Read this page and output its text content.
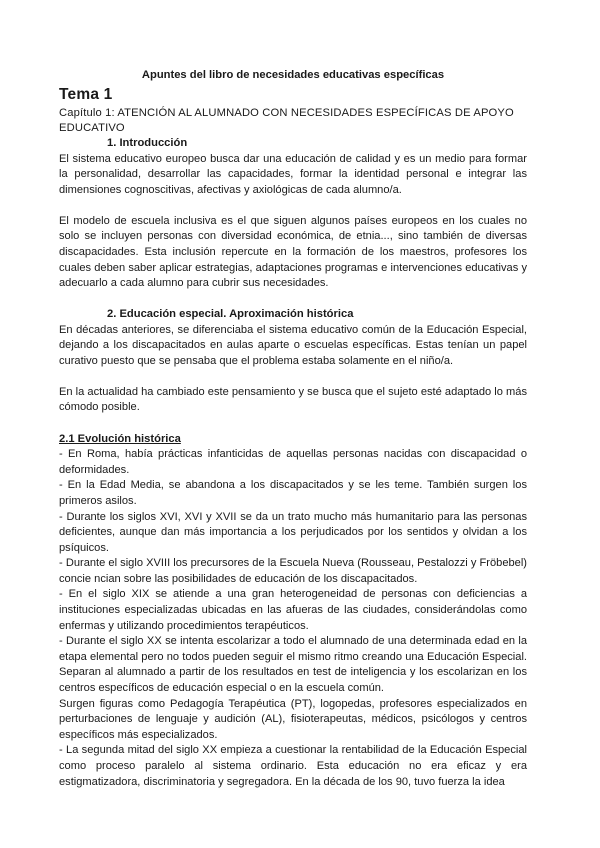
Apuntes del libro de necesidades educativas específicas
Tema 1
Capítulo 1: ATENCIÓN AL ALUMNADO CON NECESIDADES ESPECÍFICAS DE APOYO EDUCATIVO
1. Introducción

El sistema educativo europeo busca dar una educación de calidad y es un medio para formar la personalidad, desarrollar las capacidades, formar la identidad personal e integrar las dimensiones cognoscitivas, afectivas y axiológicas de cada alumno/a.

El modelo de escuela inclusiva es el que siguen algunos países europeos en los cuales no solo se incluyen personas con diversidad económica, de etnia..., sino también de diversas discapacidades. Esta inclusión repercute en la formación de los maestros, profesores los cuales deben saber aplicar estrategias, adaptaciones programas e intervenciones educativas y adecuarlo a cada alumno para cubrir sus necesidades.

2. Educación especial. Aproximación histórica

En décadas anteriores, se diferenciaba el sistema educativo común de la Educación Especial, dejando a los discapacitados en aulas aparte o escuelas específicas. Estas tenían un papel curativo puesto que se pensaba que el problema estaba solamente en el niño/a.

En la actualidad ha cambiado este pensamiento y se busca que el sujeto esté adaptado lo más cómodo posible.

2.1 Evolución histórica

- En Roma, había prácticas infanticidas de aquellas personas nacidas con discapacidad o deformidades.

- En la Edad Media, se abandona a los discapacitados y se les teme. También surgen los primeros asilos.

- Durante los siglos XVI, XVI y XVII se da un trato mucho más humanitario para las personas deficientes, aunque dan más importancia a los perjudicados por los sentidos y olvidan a los psíquicos.

- Durante el siglo XVIII los precursores de la Escuela Nueva (Rousseau, Pestalozzi y Fröbebel) concie ncian sobre las posibilidades de educación de los discapacitados.

- En el siglo XIX se atiende a una gran heterogeneidad de personas con deficiencias a instituciones especializadas ubicadas en las afueras de las ciudades, considerándolas como enfermas y utilizando procedimientos terapéuticos.

- Durante el siglo XX se intenta escolarizar a todo el alumnado de una determinada edad en la etapa elemental pero no todos pueden seguir el mismo ritmo creando una Educación Especial. Separan al alumnado a partir de los resultados en test de inteligencia y los escolarizan en los centros específicos de educación especial o en la escuela común.

Surgen figuras como Pedagogía Terapéutica (PT), logopedas, profesores especializados en perturbaciones de lenguaje y audición (AL), fisioterapeutas, médicos, psicólogos y centros específicos más especializados.

- La segunda mitad del siglo XX empieza a cuestionar la rentabilidad de la Educación Especial como proceso paralelo al sistema ordinario. Esta educación no era eficaz y era estigmatizadora, discriminatoria y segregadora. En la década de los 90, tuvo fuerza la idea
